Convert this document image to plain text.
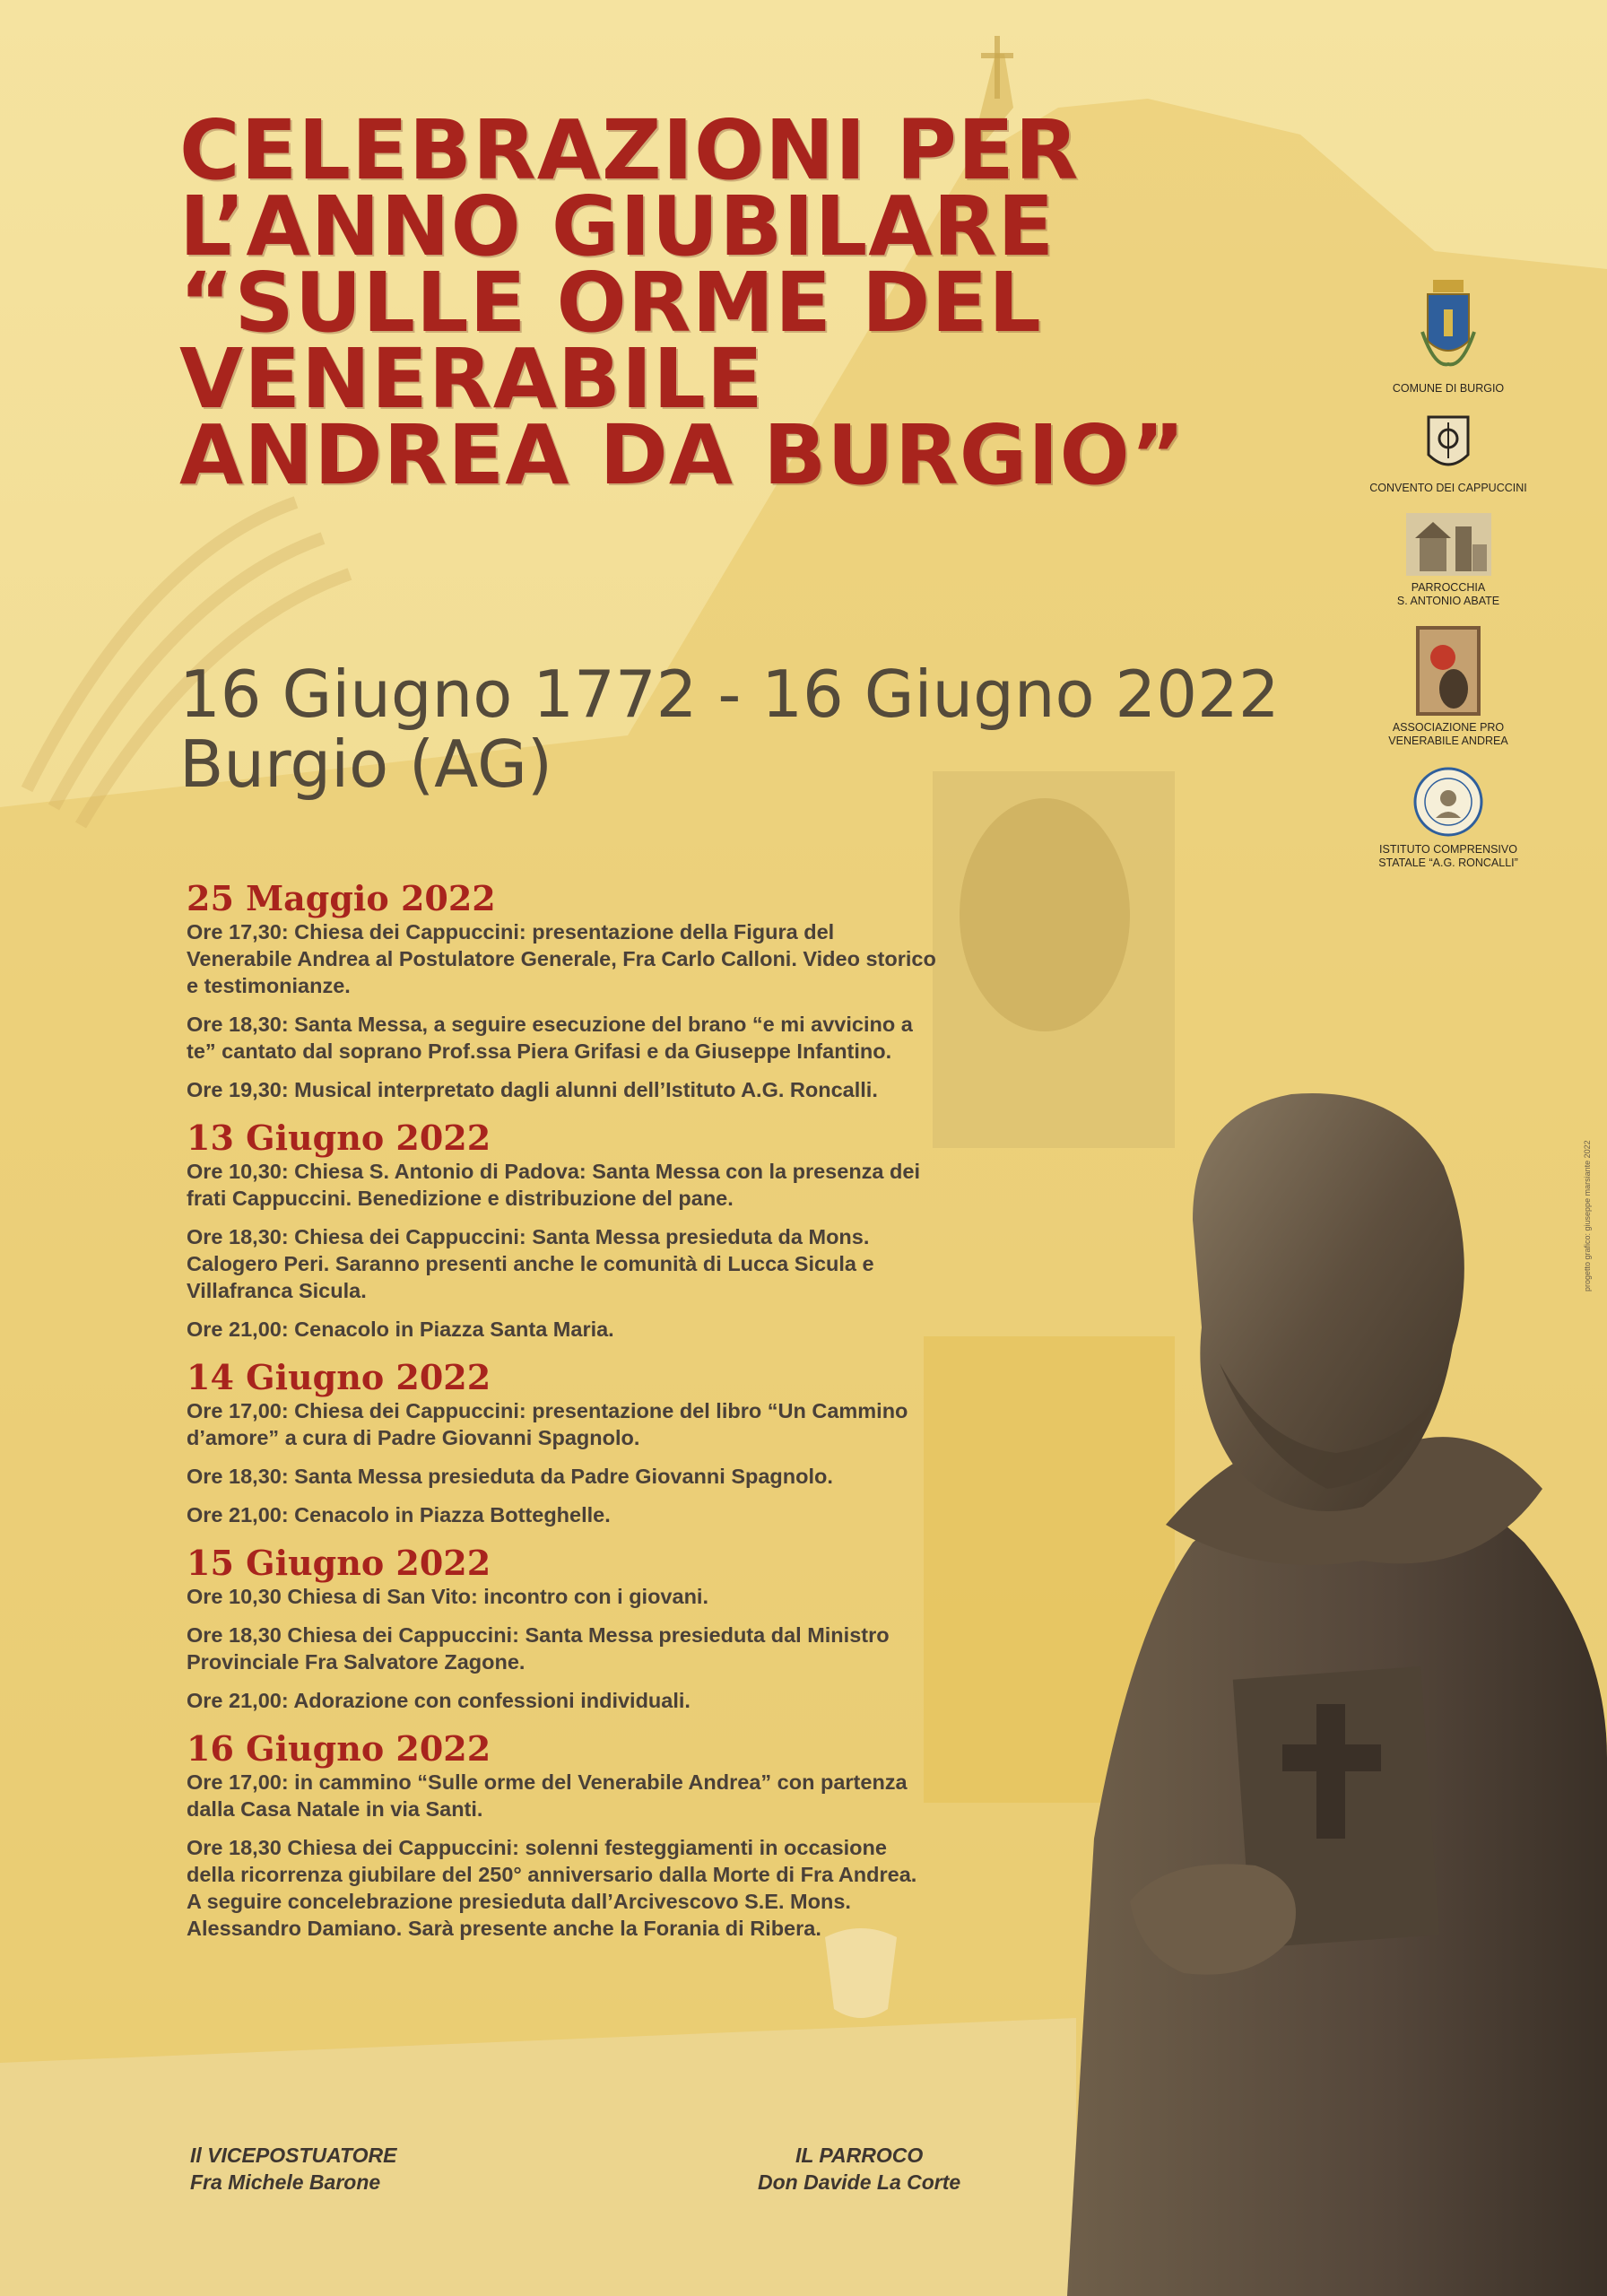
CELEBRAZIONI PER
L’ANNO GIUBILARE
“SULLE ORME DEL
VENERABILE
ANDREA DA BURGIO”
16 Giugno 1772 - 16 Giugno 2022
Burgio (AG)
25 Maggio 2022

Ore 17,30: Chiesa dei Cappuccini: presentazione della Figura del
Venerabile Andrea al Postulatore Generale, Fra Carlo Calloni. Video storico
e testimonianze.

Ore 18,30: Santa Messa, a seguire esecuzione del brano “e mi avvicino a
te” cantato dal soprano Prof.ssa Piera Grifasi e da Giuseppe Infantino.

Ore 19,30: Musical interpretato dagli alunni dell’Istituto A.G. Roncalli.

13 Giugno 2022

Ore 10,30: Chiesa S. Antonio di Padova: Santa Messa con la presenza dei
frati Cappuccini. Benedizione e distribuzione del pane.

Ore 18,30: Chiesa dei Cappuccini: Santa Messa presieduta da Mons.
Calogero Peri. Saranno presenti anche le comunità di Lucca Sicula e
Villafranca Sicula.

Ore 21,00: Cenacolo in Piazza Santa Maria.

14 Giugno 2022

Ore 17,00: Chiesa dei Cappuccini: presentazione del libro “Un Cammino
d’amore” a cura di Padre Giovanni Spagnolo.

Ore 18,30: Santa Messa presieduta da Padre Giovanni Spagnolo.

Ore 21,00: Cenacolo in Piazza Botteghelle.

15 Giugno 2022

Ore 10,30 Chiesa di San Vito: incontro con i giovani.

Ore 18,30 Chiesa dei Cappuccini: Santa Messa presieduta dal Ministro
Provinciale Fra Salvatore Zagone.

Ore 21,00: Adorazione con confessioni individuali.

16 Giugno 2022

Ore 17,00: in cammino “Sulle orme del Venerabile Andrea” con partenza
dalla Casa Natale in via Santi.

Ore 18,30 Chiesa dei Cappuccini: solenni festeggiamenti in occasione
della ricorrenza giubilare del 250° anniversario dalla Morte di Fra Andrea.
A seguire concelebrazione presieduta dall’Arcivescovo S.E. Mons.
Alessandro Damiano. Sarà presente anche la Forania di Ribera.

Il VICEPOSTUATORE
Fra Michele Barone
IL PARROCO
Don Davide La Corte
COMUNE DI BURGIO
CONVENTO DEI CAPPUCCINI
PARROCCHIA
S. ANTONIO ABATE
ASSOCIAZIONE PRO
VENERABILE ANDREA
ISTITUTO COMPRENSIVO
STATALE “A.G. RONCALLI”
progetto grafico: giuseppe marsiante 2022
